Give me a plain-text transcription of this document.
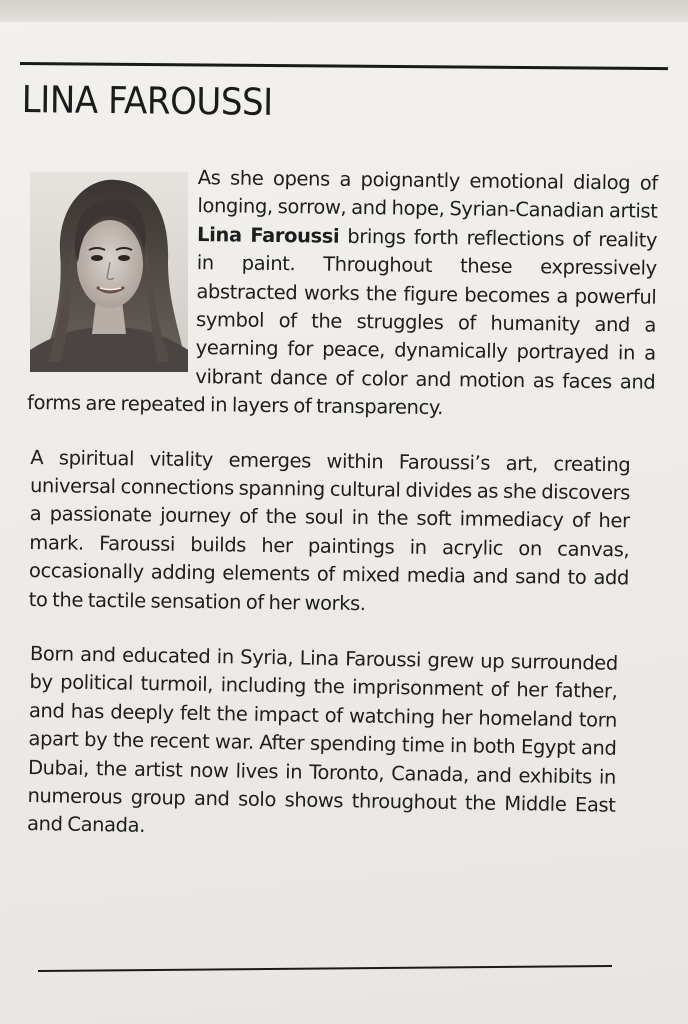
LINA FAROUSSI

As she opens a poignantly emotional dialog of longing, sorrow, and hope, Syrian-Canadian artist Lina Faroussi brings forth reflections of reality in paint. Throughout these expressively abstracted works the figure becomes a powerful symbol of the struggles of humanity and a yearning for peace, dynamically portrayed in a vibrant dance of color and motion as faces and forms are repeated in layers of transparency.

A spiritual vitality emerges within Faroussi’s art, creating universal connections spanning cultural divides as she discovers a passionate journey of the soul in the soft immediacy of her mark. Faroussi builds her paintings in acrylic on canvas, occasionally adding elements of mixed media and sand to add to the tactile sensation of her works.

Born and educated in Syria, Lina Faroussi grew up surrounded by political turmoil, including the imprisonment of her father, and has deeply felt the impact of watching her homeland torn apart by the recent war. After spending time in both Egypt and Dubai, the artist now lives in Toronto, Canada, and exhibits in numerous group and solo shows throughout the Middle East and Canada.
